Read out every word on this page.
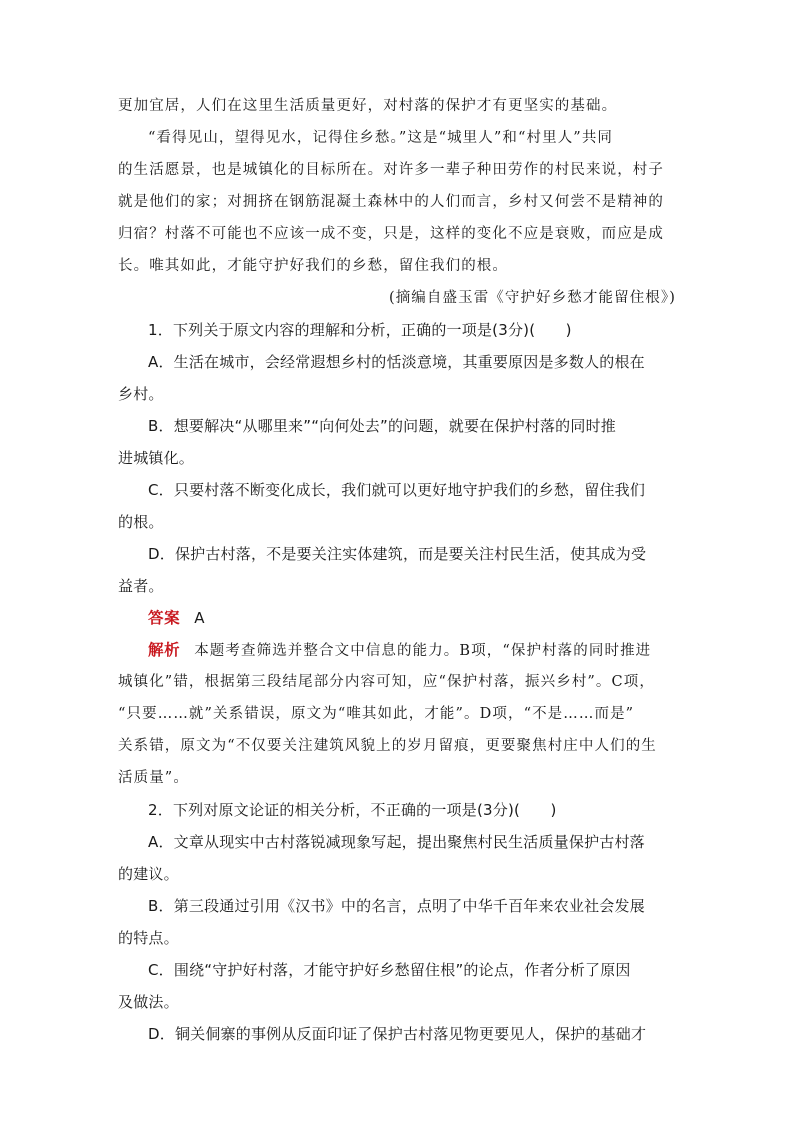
更加宜居，人们在这里生活质量更好，对村落的保护才有更坚实的基础。
“看得见山，望得见水，记得住乡愁。”这是“城里人”和“村里人”共同
的生活愿景，也是城镇化的目标所在。对许多一辈子种田劳作的村民来说，村子
就是他们的家；对拥挤在钢筋混凝土森林中的人们而言，乡村又何尝不是精神的
归宿？村落不可能也不应该一成不变，只是，这样的变化不应是衰败，而应是成
长。唯其如此，才能守护好我们的乡愁，留住我们的根。
(摘编自盛玉雷《守护好乡愁才能留住根》)
1．下列关于原文内容的理解和分析，正确的一项是(3分)(　　)
A．生活在城市，会经常遐想乡村的恬淡意境，其重要原因是多数人的根在
乡村。
B．想要解决“从哪里来”“向何处去”的问题，就要在保护村落的同时推
进城镇化。
C．只要村落不断变化成长，我们就可以更好地守护我们的乡愁，留住我们
的根。
D．保护古村落，不是要关注实体建筑，而是要关注村民生活，使其成为受
益者。
答案 A
解析 本题考查筛选并整合文中信息的能力。B项，“保护村落的同时推进
城镇化”错，根据第三段结尾部分内容可知，应“保护村落，振兴乡村”。C项，
“只要……就”关系错误，原文为“唯其如此，才能”。D项，“不是……而是”
关系错，原文为“不仅要关注建筑风貌上的岁月留痕，更要聚焦村庄中人们的生
活质量”。
2．下列对原文论证的相关分析，不正确的一项是(3分)(　　)
A．文章从现实中古村落锐减现象写起，提出聚焦村民生活质量保护古村落
的建议。
B．第三段通过引用《汉书》中的名言，点明了中华千百年来农业社会发展
的特点。
C．围绕“守护好村落，才能守护好乡愁留住根”的论点，作者分析了原因
及做法。
D．铜关侗寨的事例从反面印证了保护古村落见物更要见人，保护的基础才
